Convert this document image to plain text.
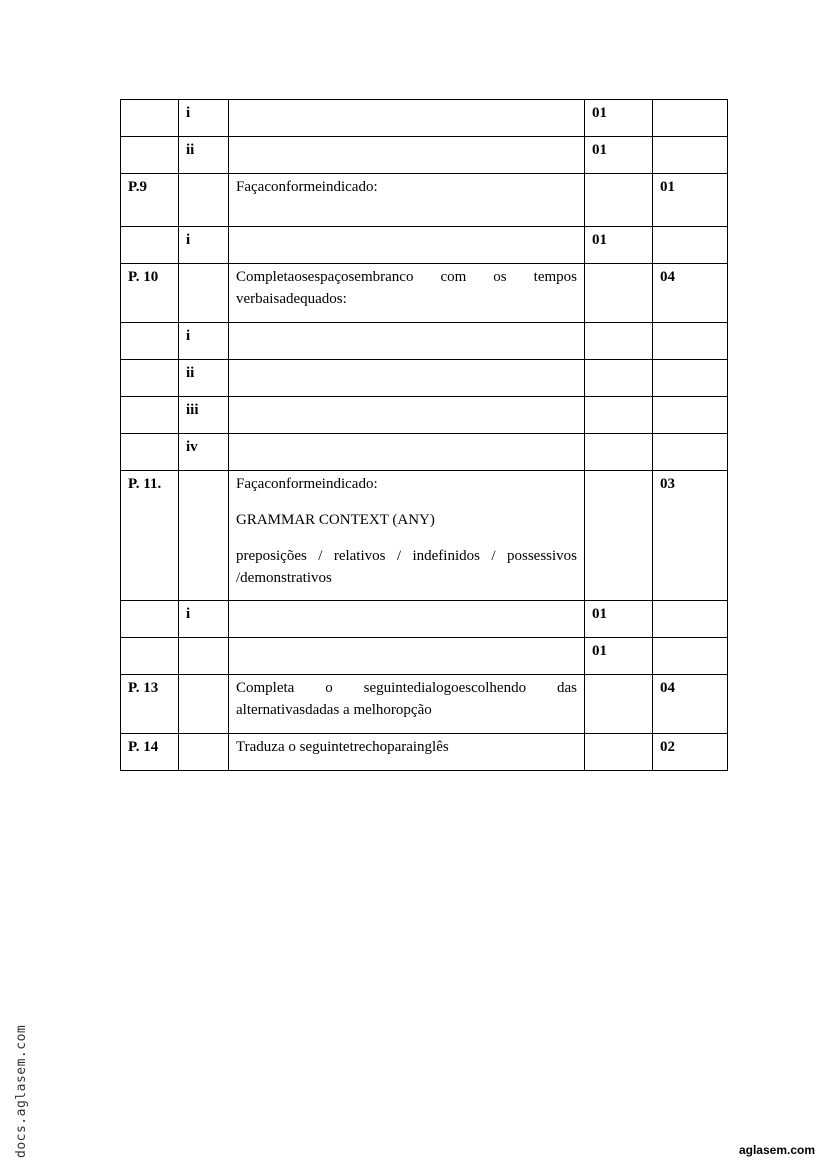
	i		01	
	ii		01	
P.9		Façaconformeindicado:		01
	i		01	
P. 10		Completaosespaçosembranco com os tempos verbaisadequados:		04
	i			
	ii			
	iii			
	iv			
P. 11.		Façaconformeindicado:

GRAMMAR CONTEXT (ANY)

preposições / relativos / indefinidos / possessivos /demonstrativos		03
	i		01	
			01	
P. 13		Completa o seguintedialogoescolhendo das alternativasdadas a melhoropção		04
P. 14		Traduza o seguintetrechoparainglês		02
docs.aglasem.com	aglasem.com
